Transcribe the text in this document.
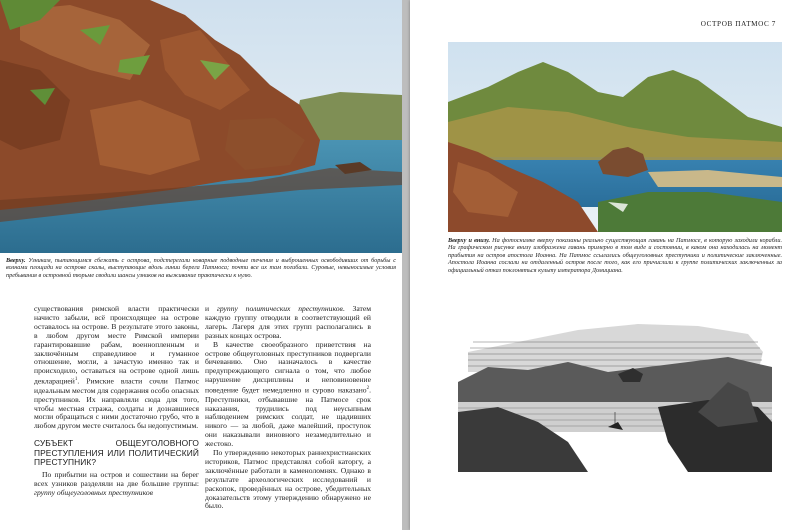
Вверху. Узникам, пытающимся сбежать с острова, подстерегали коварные подводные течения и выброшенных освободивших от борьбы с волнами площади на острове скалы, выступающие вдоль линии берега Патмоса; почти все их там погибали. Суровые, невыносимые условия пребывания в островной тюрьме сводили шансы узников на выживание практически к нулю.

существования римской власти практически начисто забыли, всё происходящее на острове оставалось на острове. В результате этого законы, в любом другом месте Римской империи гарантировавшие рабам, военнопленным и заключённым справедливое и гуманное отношение, могли, а зачастую именно так и происходило, оставаться на острове одной лишь декларацией$^1$. Римские власти сочли Патмос идеальным местом для содержания особо опасных преступников. Их направляли сюда для того, чтобы местная стража, солдаты и дознавшиеся могли обращаться с ними достаточно грубо, что в любом другом месте считалось бы недопустимым.

СУБЪЕКТ ОБЩЕУГОЛОВНОГО ПРЕСТУПЛЕНИЯ ИЛИ ПОЛИТИЧЕСКИЙ ПРЕСТУПНИК?

По прибытии на остров и сошествии на берег всех узников разделяли на две большие группы: группу общеуголовных преступников

и группу политических преступников. Затем каждую группу отводили в соответствующий ей лагерь. Лагеря для этих групп располагались в разных концах острова.

В качестве своеобразного приветствия на острове общеуголовных преступников подвергали бичеванию. Оно назначалось в качестве предупреждающего сигнала о том, что любое нарушение дисциплины и неповиновение поведение будет немедленно и сурово наказано$^2$. Преступники, отбывавшие на Патмосе срок наказания, трудились под неусыпным наблюдением римских солдат, не щадивших никого — за любой, даже малейший, проступок они наказывали виновного незамедлительно и жестоко.

По утверждению некоторых раннехристианских историков, Патмос представлял собой каторгу, а заключённые работали в каменоломнях. Однако в результате археологических исследований и раскопок, проведённых на острове, убедительных доказательств этому утверждению обнаружено не было.

ОСТРОВ ПАТМОС 7
Вверху и внизу. На фотоснимке вверху показаны реально существующая гавань на Патмосе, в которую заходили корабли. На графическом рисунке внизу изображена гавань примерно в том виде и состоянии, в каком она находилась на момент прибытия на остров апостола Иоанна. На Патмос ссылались общеуголовных преступники и политические заключенные. Апостола Иоанна сослали на отдаленный остров после того, как его причислили к группе политических заключенных за официальный отказ поклоняться культу императора Домициана.
